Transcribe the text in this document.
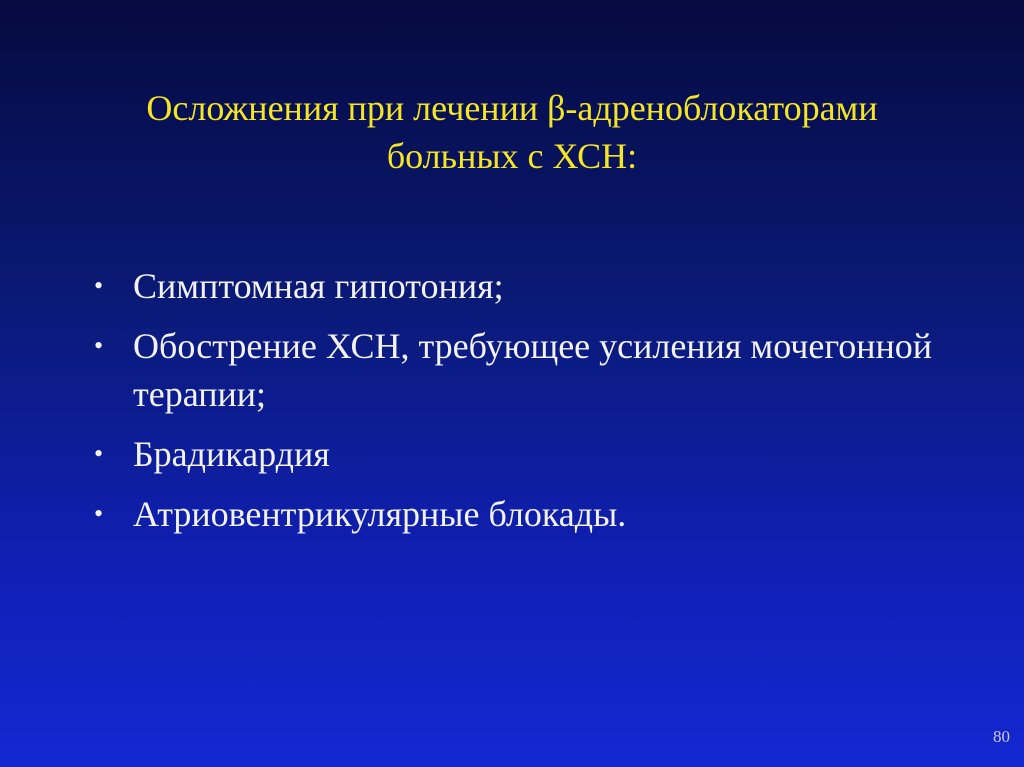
Осложнения при лечении β-адреноблокаторами
больных с ХСН:
• Симптомная гипотония;
• Обострение ХСН, требующее усиления мочегонной терапии;
• Брадикардия
• Атриовентрикулярные блокады.
80
